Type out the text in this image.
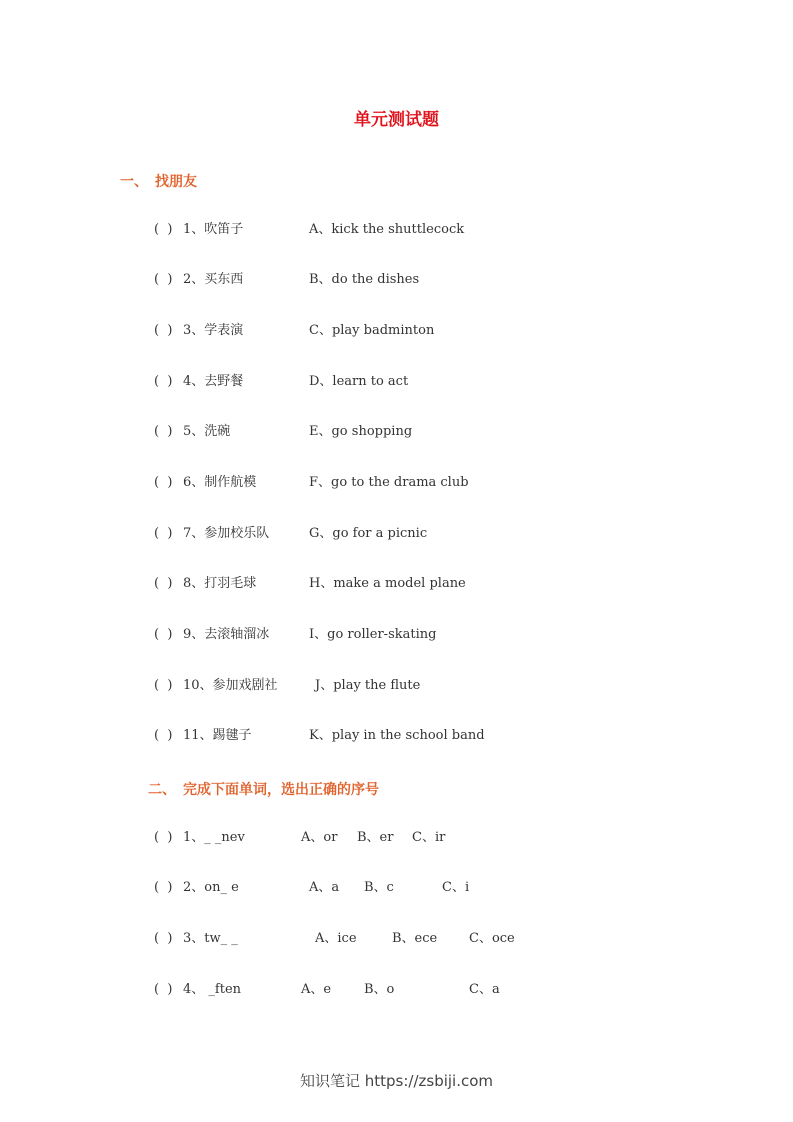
单元测试题
一、 找朋友
(  ) 1、吹笛子	A、kick the shuttlecock
(  ) 2、买东西	B、do the dishes
(  ) 3、学表演	C、play badminton
(  ) 4、去野餐	D、learn to act
(  ) 5、洗碗	E、go shopping
(  ) 6、制作航模	F、go to the drama club
(  ) 7、参加校乐队	G、go for a picnic
(  ) 8、打羽毛球	H、make a model plane
(  ) 9、去滚轴溜冰	I、go roller-skating
(  ) 10、参加戏剧社	J、play the flute
(  ) 11、踢毽子	K、play in the school band
二、 完成下面单词，选出正确的序号
(  ) 1、_ _nev	A、or B、er C、ir
(  ) 2、on_ e	A、a B、c	C、i
(  ) 3、tw_ _	A、ice	B、ece C、oce
(  ) 4、 _ften	A、e	B、o	C、a
知识笔记 https://zsbiji.com
